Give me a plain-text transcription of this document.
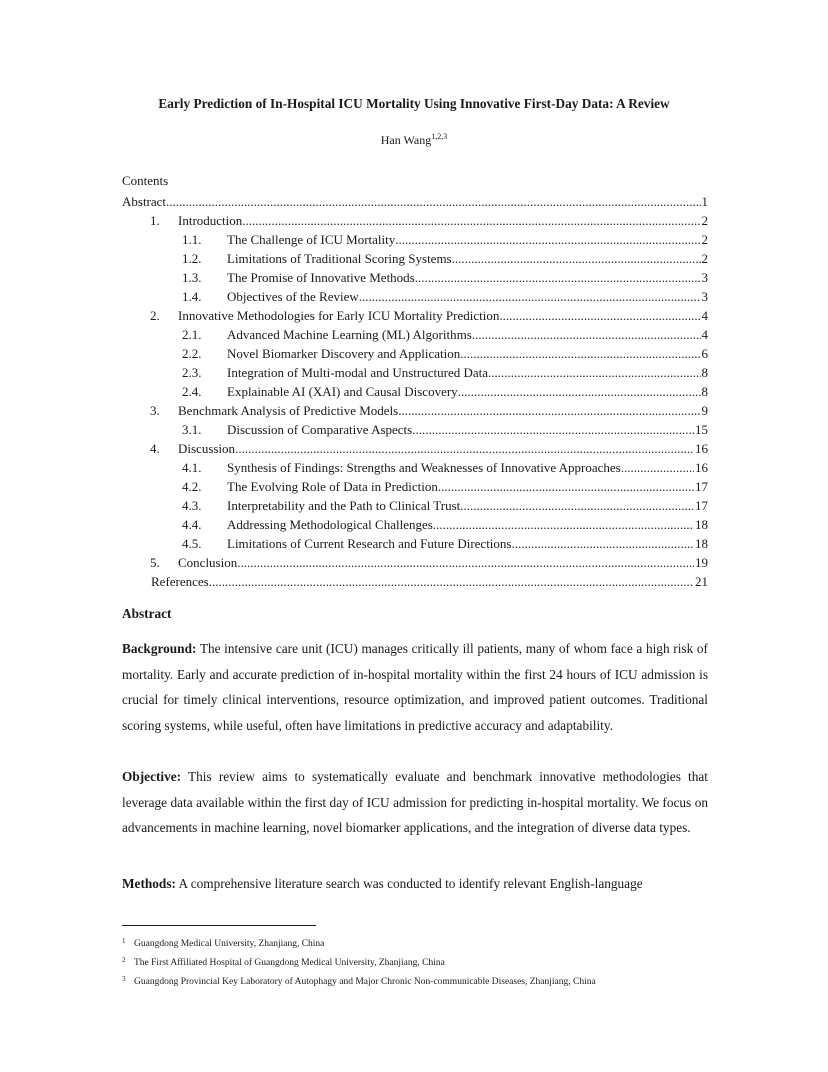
Early Prediction of In-Hospital ICU Mortality Using Innovative First-Day Data: A Review
Han Wang$^{1,2,3}$
Contents
Abstract .....	1
1.	Introduction .....	2
1.1.	The Challenge of ICU Mortality .....	2
1.2.	Limitations of Traditional Scoring Systems .....	2
1.3.	The Promise of Innovative Methods .....	3
1.4.	Objectives of the Review .....	3
2.	Innovative Methodologies for Early ICU Mortality Prediction .....	4
2.1.	Advanced Machine Learning (ML) Algorithms .....	4
2.2.	Novel Biomarker Discovery and Application .....	6
2.3.	Integration of Multi-modal and Unstructured Data .....	8
2.4.	Explainable AI (XAI) and Causal Discovery .....	8
3.	Benchmark Analysis of Predictive Models .....	9
3.1.	Discussion of Comparative Aspects .....	15
4.	Discussion .....	16
4.1.	Synthesis of Findings: Strengths and Weaknesses of Innovative Approaches .....	16
4.2.	The Evolving Role of Data in Prediction .....	17
4.3.	Interpretability and the Path to Clinical Trust .....	17
4.4.	Addressing Methodological Challenges .....	18
4.5.	Limitations of Current Research and Future Directions .....	18
5.	Conclusion .....	19
References .....	21
Abstract
Background: The intensive care unit (ICU) manages critically ill patients, many of whom face a high risk of mortality. Early and accurate prediction of in-hospital mortality within the first 24 hours of ICU admission is crucial for timely clinical interventions, resource optimization, and improved patient outcomes. Traditional scoring systems, while useful, often have limitations in predictive accuracy and adaptability.
Objective: This review aims to systematically evaluate and benchmark innovative methodologies that leverage data available within the first day of ICU admission for predicting in-hospital mortality. We focus on advancements in machine learning, novel biomarker applications, and the integration of diverse data types.
Methods: A comprehensive literature search was conducted to identify relevant English-language
$^1$ Guangdong Medical University, Zhanjiang, China
$^2$ The First Affiliated Hospital of Guangdong Medical University, Zhanjiang, China
$^3$ Guangdong Provincial Key Laboratory of Autophagy and Major Chronic Non-communicable Diseases, Zhanjiang, China
